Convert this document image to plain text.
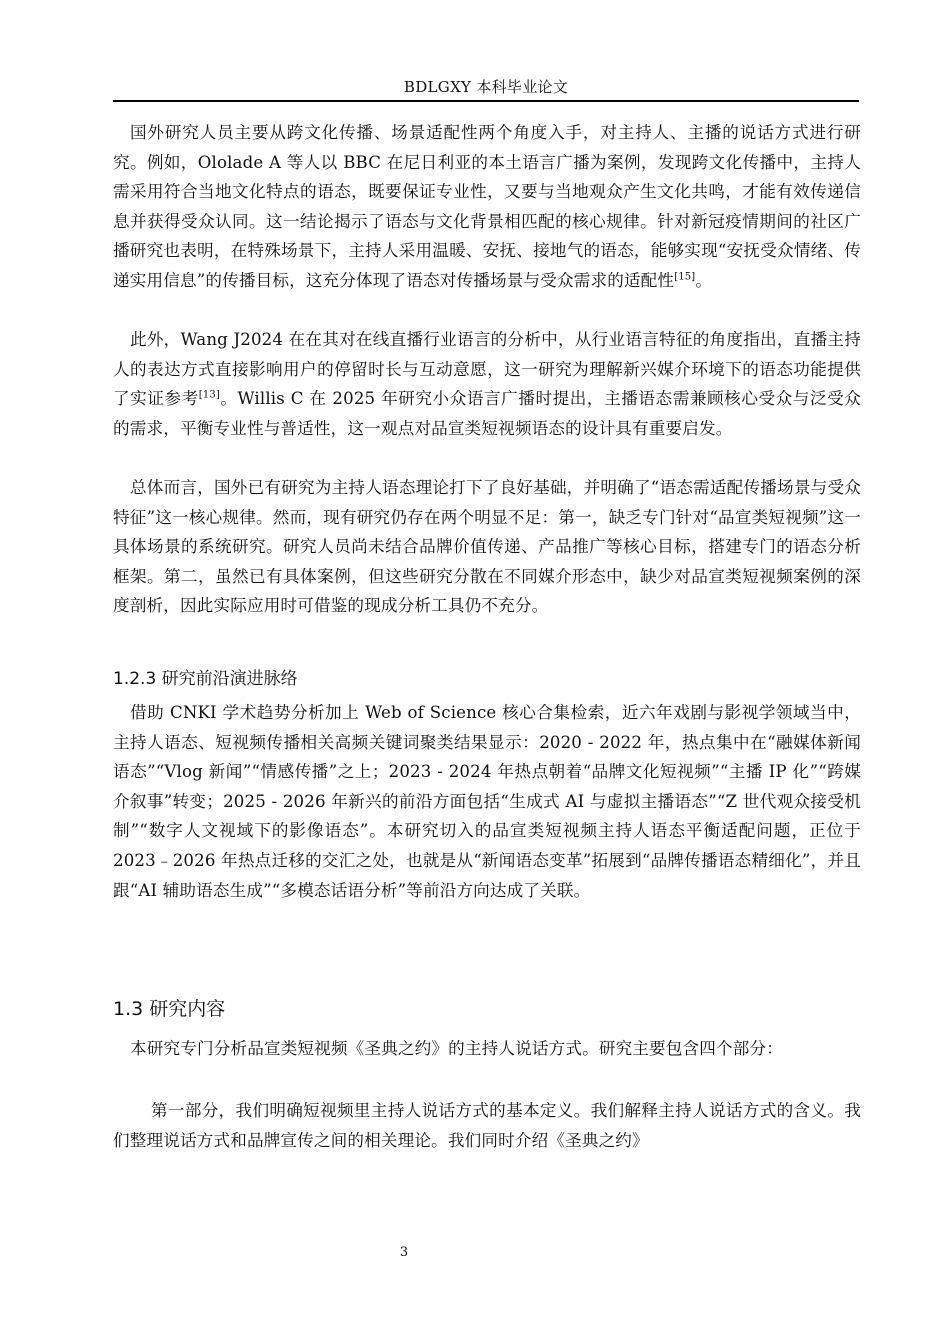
BDLGXY 本科毕业论文

国外研究人员主要从跨文化传播、场景适配性两个角度入手，对主持人、主播的说话方式进行研究。例如，Ololade A 等人以 BBC 在尼日利亚的本土语言广播为案例，发现跨文化传播中，主持人需采用符合当地文化特点的语态，既要保证专业性，又要与当地观众产生文化共鸣，才能有效传递信息并获得受众认同。这一结论揭示了语态与文化背景相匹配的核心规律。针对新冠疫情期间的社区广播研究也表明，在特殊场景下，主持人采用温暖、安抚、接地气的语态，能够实现“安抚受众情绪、传递实用信息”的传播目标，这充分体现了语态对传播场景与受众需求的适配性[15]。

此外，Wang J2024 在在其对在线直播行业语言的分析中，从行业语言特征的角度指出，直播主持人的表达方式直接影响用户的停留时长与互动意愿，这一研究为理解新兴媒介环境下的语态功能提供了实证参考[13]。Willis C 在 2025 年研究小众语言广播时提出，主播语态需兼顾核心受众与泛受众的需求，平衡专业性与普适性，这一观点对品宣类短视频语态的设计具有重要启发。

总体而言，国外已有研究为主持人语态理论打下了良好基础，并明确了“语态需适配传播场景与受众特征”这一核心规律。然而，现有研究仍存在两个明显不足：第一，缺乏专门针对“品宣类短视频”这一具体场景的系统研究。研究人员尚未结合品牌价值传递、产品推广等核心目标，搭建专门的语态分析框架。第二，虽然已有具体案例，但这些研究分散在不同媒介形态中，缺少对品宣类短视频案例的深度剖析，因此实际应用时可借鉴的现成分析工具仍不充分。

1.2.3 研究前沿演进脉络

借助 CNKI 学术趋势分析加上 Web of Science 核心合集检索，近六年戏剧与影视学领域当中，主持人语态、短视频传播相关高频关键词聚类结果显示：2020 - 2022 年，热点集中在“融媒体新闻语态”“Vlog 新闻”“情感传播”之上；2023 - 2024 年热点朝着“品牌文化短视频”“主播 IP 化”“跨媒介叙事”转变；2025 - 2026 年新兴的前沿方面包括“生成式 AI 与虚拟主播语态”“Z 世代观众接受机制”“数字人文视域下的影像语态”。本研究切入的品宣类短视频主持人语态平衡适配问题，正位于 2023﹣2026 年热点迁移的交汇之处，也就是从“新闻语态变革”拓展到“品牌传播语态精细化”，并且跟“AI 辅助语态生成”“多模态话语分析”等前沿方向达成了关联。

1.3 研究内容

本研究专门分析品宣类短视频《圣典之约》的主持人说话方式。研究主要包含四个部分：

第一部分，我们明确短视频里主持人说话方式的基本定义。我们解释主持人说话方式的含义。我们整理说话方式和品牌宣传之间的相关理论。我们同时介绍《圣典之约》

3
